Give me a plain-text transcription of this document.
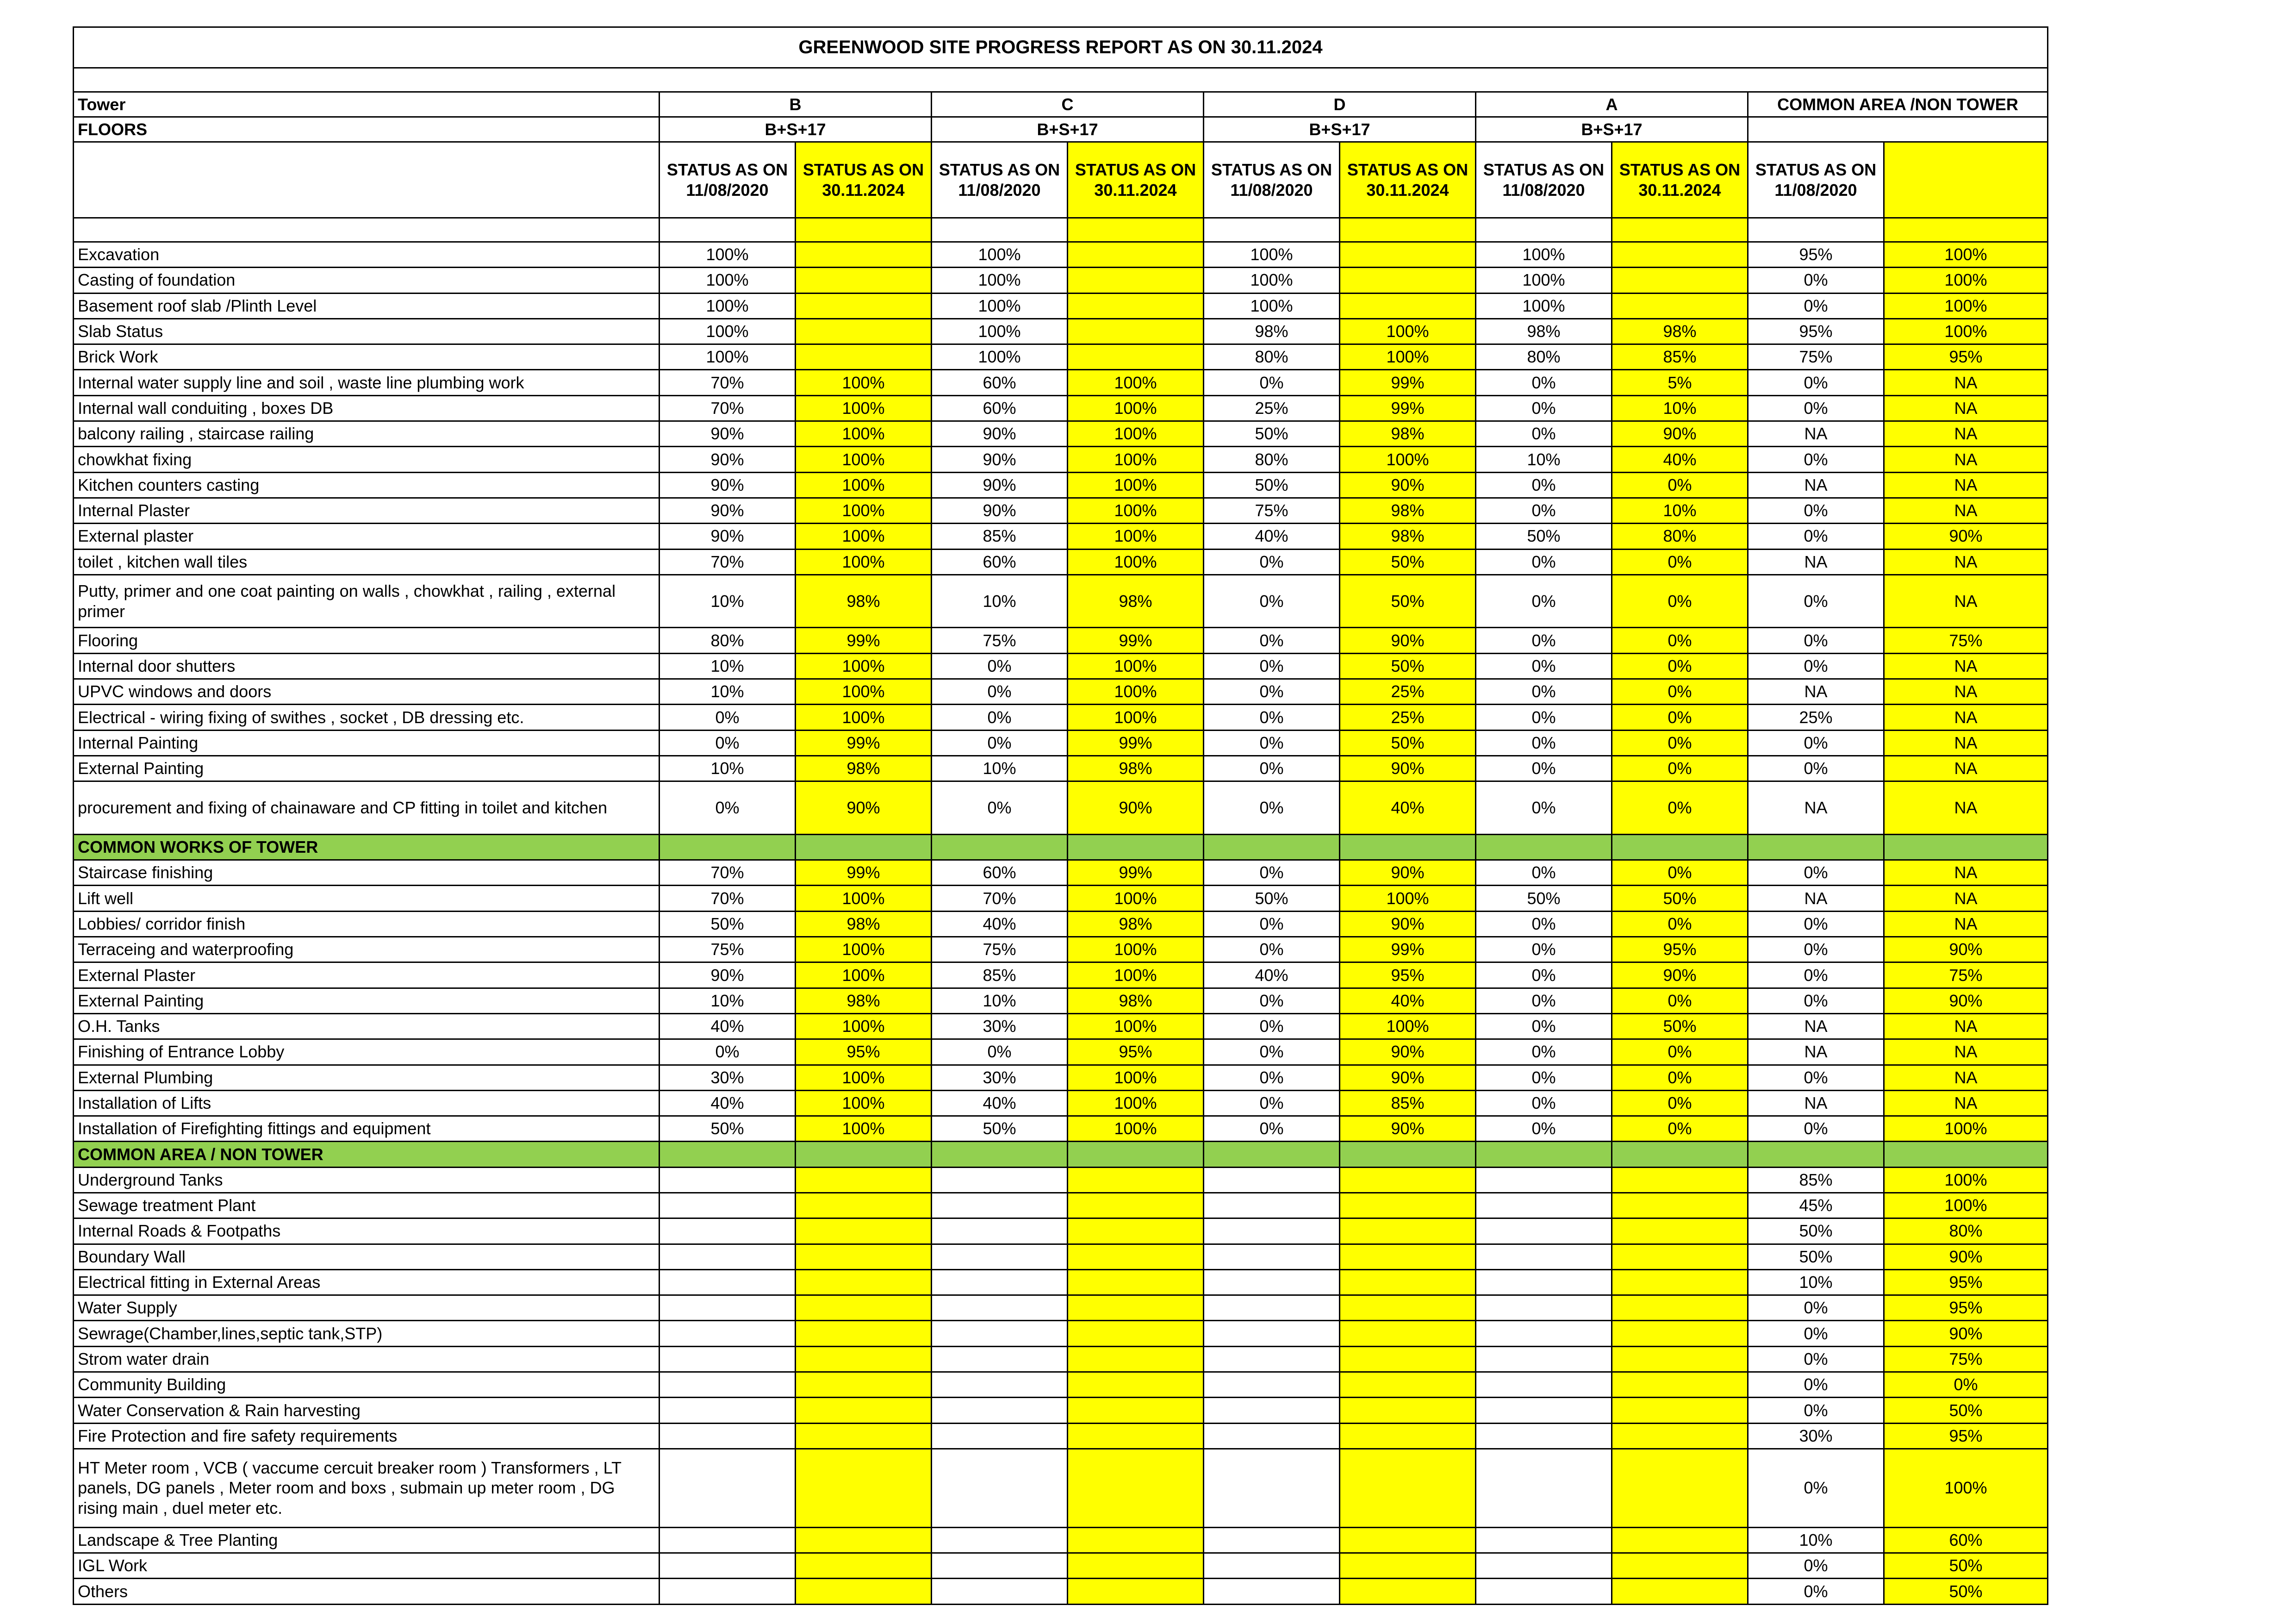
GREENWOOD SITE PROGRESS REPORT AS ON 30.11.2024										

Tower	B		C		D		A		COMMON AREA /NON TOWER	
FLOORS	B+S+17		B+S+17		B+S+17		B+S+17			
	STATUS AS ON 11/08/2020	STATUS AS ON 30.11.2024	STATUS AS ON 11/08/2020	STATUS AS ON 30.11.2024	STATUS AS ON 11/08/2020	STATUS AS ON 30.11.2024	STATUS AS ON 11/08/2020	STATUS AS ON 30.11.2024	STATUS AS ON 11/08/2020	

Excavation	100%		100%		100%		100%		95%	100%
Casting of foundation	100%		100%		100%		100%		0%	100%
Basement roof slab /Plinth Level	100%		100%		100%		100%		0%	100%
Slab Status	100%		100%		98%	100%	98%	98%	95%	100%
Brick Work	100%		100%		80%	100%	80%	85%	75%	95%
Internal water supply line and soil , waste line plumbing work	70%	100%	60%	100%	0%	99%	0%	5%	0%	NA
Internal wall conduiting , boxes DB	70%	100%	60%	100%	25%	99%	0%	10%	0%	NA
balcony railing , staircase railing	90%	100%	90%	100%	50%	98%	0%	90%	NA	NA
chowkhat fixing	90%	100%	90%	100%	80%	100%	10%	40%	0%	NA
Kitchen counters casting	90%	100%	90%	100%	50%	90%	0%	0%	NA	NA
Internal Plaster	90%	100%	90%	100%	75%	98%	0%	10%	0%	NA
External plaster	90%	100%	85%	100%	40%	98%	50%	80%	0%	90%
toilet , kitchen wall tiles	70%	100%	60%	100%	0%	50%	0%	0%	NA	NA
Putty, primer and one coat painting on walls , chowkhat , railing , external primer	10%	98%	10%	98%	0%	50%	0%	0%	0%	NA
Flooring	80%	99%	75%	99%	0%	90%	0%	0%	0%	75%
Internal door shutters	10%	100%	0%	100%	0%	50%	0%	0%	0%	NA
UPVC windows and doors	10%	100%	0%	100%	0%	25%	0%	0%	NA	NA
Electrical - wiring fixing of swithes , socket , DB dressing etc.	0%	100%	0%	100%	0%	25%	0%	0%	25%	NA
Internal Painting	0%	99%	0%	99%	0%	50%	0%	0%	0%	NA
External Painting	10%	98%	10%	98%	0%	90%	0%	0%	0%	NA
procurement and fixing of chainaware and CP fitting in toilet and kitchen	0%	90%	0%	90%	0%	40%	0%	0%	NA	NA
COMMON WORKS OF TOWER										
Staircase finishing	70%	99%	60%	99%	0%	90%	0%	0%	0%	NA
Lift well	70%	100%	70%	100%	50%	100%	50%	50%	NA	NA
Lobbies/ corridor finish	50%	98%	40%	98%	0%	90%	0%	0%	0%	NA
Terraceing and waterproofing	75%	100%	75%	100%	0%	99%	0%	95%	0%	90%
External Plaster	90%	100%	85%	100%	40%	95%	0%	90%	0%	75%
External Painting	10%	98%	10%	98%	0%	40%	0%	0%	0%	90%
O.H. Tanks	40%	100%	30%	100%	0%	100%	0%	50%	NA	NA
Finishing of Entrance Lobby	0%	95%	0%	95%	0%	90%	0%	0%	NA	NA
External Plumbing	30%	100%	30%	100%	0%	90%	0%	0%	0%	NA
Installation of Lifts	40%	100%	40%	100%	0%	85%	0%	0%	NA	NA
Installation of Firefighting fittings and equipment	50%	100%	50%	100%	0%	90%	0%	0%	0%	100%
COMMON AREA / NON TOWER										
Underground Tanks									85%	100%
Sewage treatment Plant									45%	100%
Internal Roads & Footpaths									50%	80%
Boundary Wall									50%	90%
Electrical fitting in External Areas									10%	95%
Water Supply									0%	95%
Sewrage(Chamber,lines,septic tank,STP)									0%	90%
Strom water drain									0%	75%
Community Building									0%	0%
Water Conservation & Rain harvesting									0%	50%
Fire Protection and fire safety requirements									30%	95%
HT Meter room , VCB ( vaccume cercuit breaker room ) Transformers , LT panels, DG panels , Meter room and boxs , submain up meter room , DG rising main , duel meter etc.									0%	100%
Landscape & Tree Planting									10%	60%
IGL Work									0%	50%
Others									0%	50%
